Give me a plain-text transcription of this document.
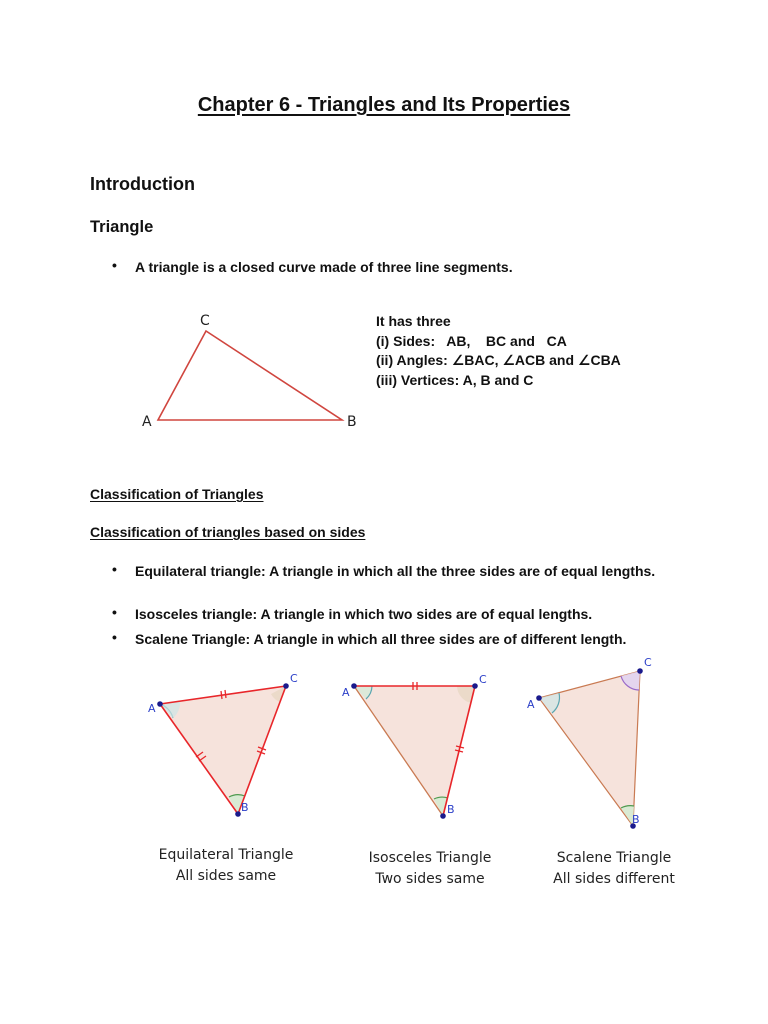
Chapter 6 - Triangles and Its Properties
Introduction
Triangle
• A triangle is a closed curve made of three line segments.
C
A	B
It has three
(i) Sides:   AB,    BC and   CA
(ii) Angles: ∠BAC, ∠ACB and ∠CBA
(iii) Vertices: A, B and C
Classification of Triangles
Classification of triangles based on sides
• Equilateral triangle: A triangle in which all the three sides are of equal lengths.
• Isosceles triangle: A triangle in which two sides are of equal lengths.
• Scalene Triangle: A triangle in which all three sides are of different length.
A
C
B
A
C
B
A
C
B
Equilateral Triangle
All sides same
Isosceles Triangle
Two sides same
Scalene Triangle
All sides different
